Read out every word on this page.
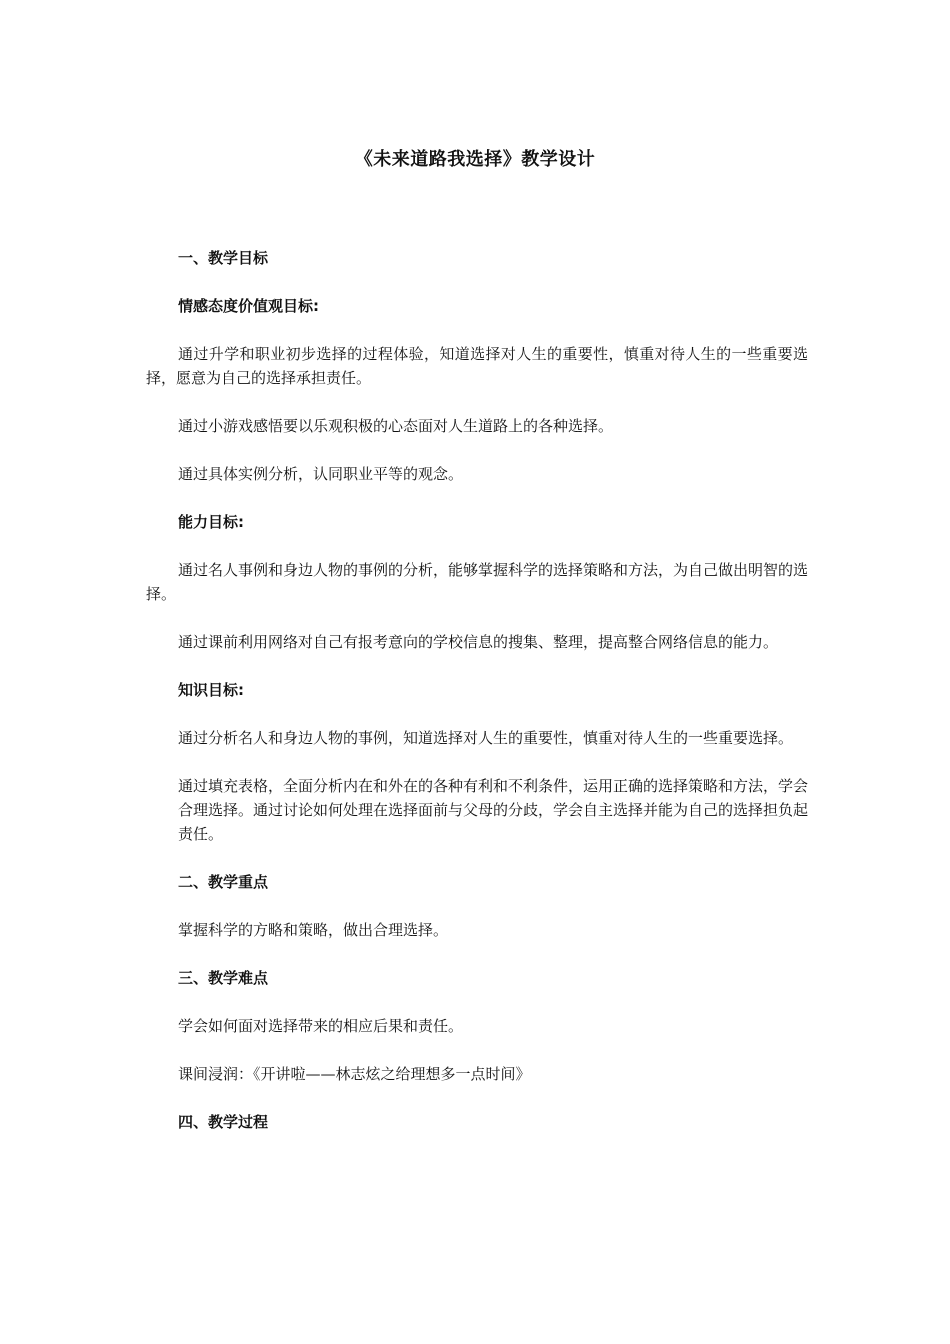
《未来道路我选择》教学设计
一、教学目标
情感态度价值观目标:

通过升学和职业初步选择的过程体验，知道选择对人生的重要性，慎重对待人生的一些重要选择，愿意为自己的选择承担责任。

通过小游戏感悟要以乐观积极的心态面对人生道路上的各种选择。

通过具体实例分析，认同职业平等的观念。

能力目标:

通过名人事例和身边人物的事例的分析，能够掌握科学的选择策略和方法，为自己做出明智的选择。

通过课前利用网络对自己有报考意向的学校信息的搜集、整理，提高整合网络信息的能力。

知识目标:

通过分析名人和身边人物的事例，知道选择对人生的重要性，慎重对待人生的一些重要选择。

通过填充表格，全面分析内在和外在的各种有利和不利条件，运用正确的选择策略和方法，学会合理选择。通过讨论如何处理在选择面前与父母的分歧，学会自主选择并能为自己的选择担负起责任。

二、教学重点

掌握科学的方略和策略，做出合理选择。

三、教学难点

学会如何面对选择带来的相应后果和责任。

课间浸润：《开讲啦——林志炫之给理想多一点时间》

四、教学过程
